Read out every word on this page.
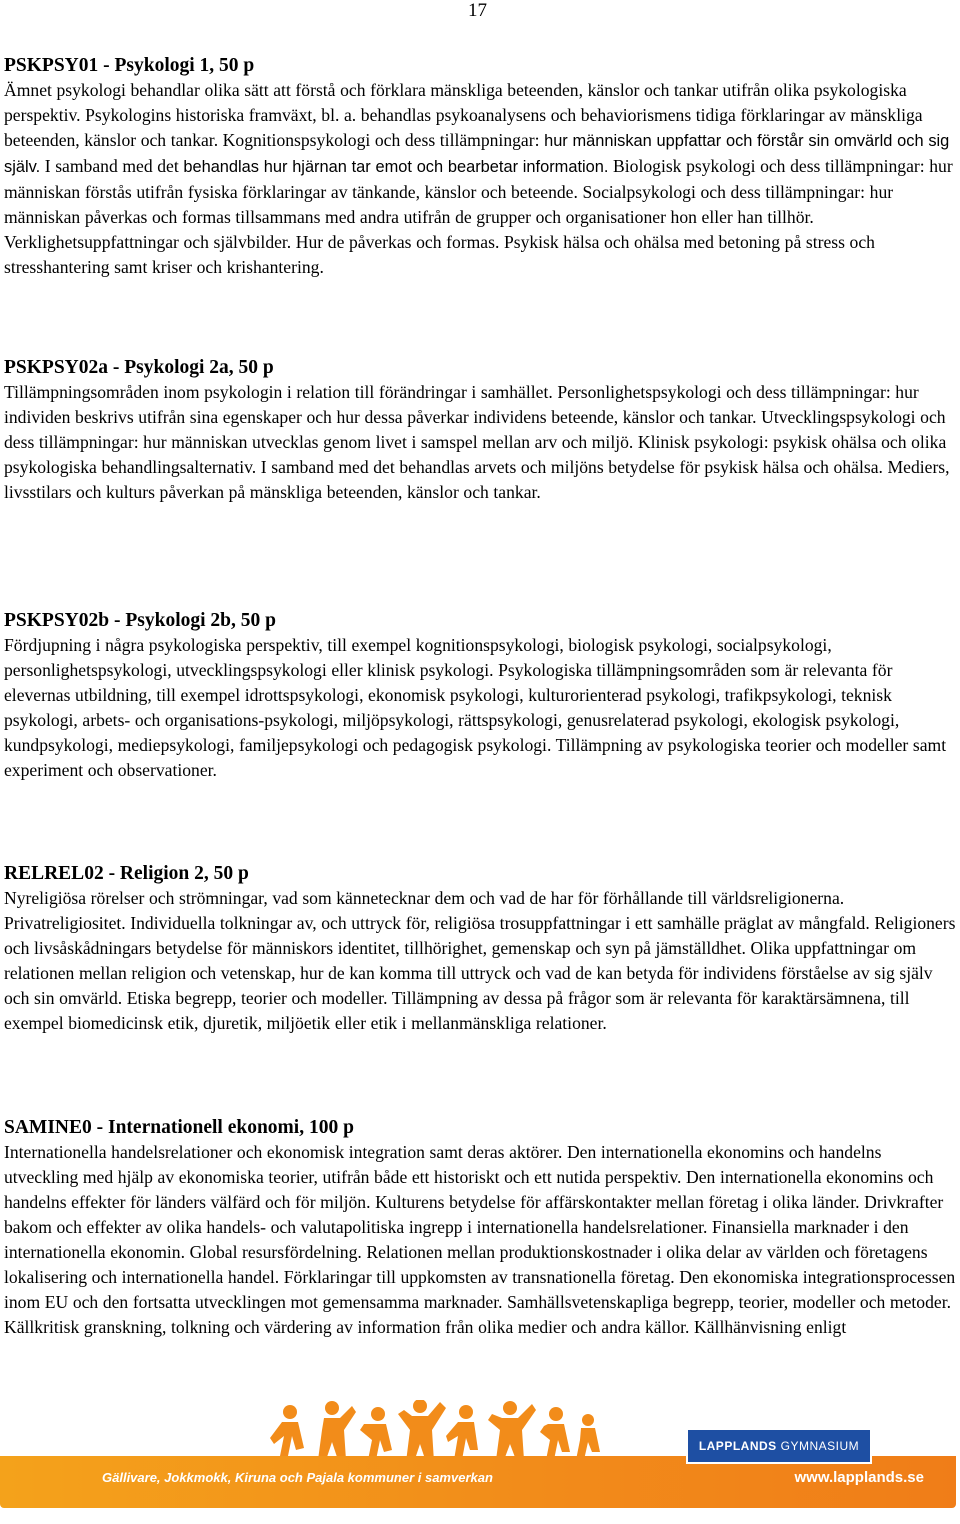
17
PSKPSY01 - Psykologi 1, 50 p

Ämnet psykologi behandlar olika sätt att förstå och förklara mänskliga beteenden, känslor och tankar utifrån olika psykologiska perspektiv. Psykologins historiska framväxt, bl. a. behandlas psykoanalysens och behaviorismens tidiga förklaringar av mänskliga beteenden, känslor och tankar. Kognitionspsykologi och dess tillämpningar: hur människan uppfattar och förstår sin omvärld och sig själv. I samband med det behandlas hur hjärnan tar emot och bearbetar information. Biologisk psykologi och dess tillämpningar: hur människan förstås utifrån fysiska förklaringar av tänkande, känslor och beteende. Socialpsykologi och dess tillämpningar: hur människan påverkas och formas tillsammans med andra utifrån de grupper och organisationer hon eller han tillhör. Verklighetsuppfattningar och självbilder. Hur de påverkas och formas. Psykisk hälsa och ohälsa med betoning på stress och stresshantering samt kriser och krishantering.

PSKPSY02a - Psykologi 2a, 50 p

Tillämpningsområden inom psykologin i relation till förändringar i samhället. Personlighetspsykologi och dess tillämpningar: hur individen beskrivs utifrån sina egenskaper och hur dessa påverkar individens beteende, känslor och tankar. Utvecklingspsykologi och dess tillämpningar: hur människan utvecklas genom livet i samspel mellan arv och miljö. Klinisk psykologi: psykisk ohälsa och olika psykologiska behandlingsalternativ. I samband med det behandlas arvets och miljöns betydelse för psykisk hälsa och ohälsa. Mediers, livsstilars och kulturs påverkan på mänskliga beteenden, känslor och tankar.

PSKPSY02b - Psykologi 2b, 50 p

Fördjupning i några psykologiska perspektiv, till exempel kognitionspsykologi, biologisk psykologi, socialpsykologi, personlighetspsykologi, utvecklingspsykologi eller klinisk psykologi. Psykologiska tillämpningsområden som är relevanta för elevernas utbildning, till exempel idrottspsykologi, ekonomisk psykologi, kulturorienterad psykologi, trafikpsykologi, teknisk psykologi, arbets- och organisations-psykologi, miljöpsykologi, rättspsykologi, genusrelaterad psykologi, ekologisk psykologi, kundpsykologi, mediepsykologi, familjepsykologi och pedagogisk psykologi. Tillämpning av psykologiska teorier och modeller samt experiment och observationer.

RELREL02 - Religion 2, 50 p

Nyreligiösa rörelser och strömningar, vad som kännetecknar dem och vad de har för förhållande till världsreligionerna. Privatreligiositet. Individuella tolkningar av, och uttryck för, religiösa trosuppfattningar i ett samhälle präglat av mångfald. Religioners och livsåskådningars betydelse för människors identitet, tillhörighet, gemenskap och syn på jämställdhet. Olika uppfattningar om relationen mellan religion och vetenskap, hur de kan komma till uttryck och vad de kan betyda för individens förståelse av sig själv och sin omvärld. Etiska begrepp, teorier och modeller. Tillämpning av dessa på frågor som är relevanta för karaktärsämnena, till exempel biomedicinsk etik, djuretik, miljöetik eller etik i mellanmänskliga relationer.

SAMINE0 - Internationell ekonomi, 100 p

Internationella handelsrelationer och ekonomisk integration samt deras aktörer. Den internationella ekonomins och handelns utveckling med hjälp av ekonomiska teorier, utifrån både ett historiskt och ett nutida perspektiv. Den internationella ekonomins och handelns effekter för länders välfärd och för miljön. Kulturens betydelse för affärskontakter mellan företag i olika länder. Drivkrafter bakom och effekter av olika handels- och valutapolitiska ingrepp i internationella handelsrelationer. Finansiella marknader i den internationella ekonomin. Global resursfördelning. Relationen mellan produktionskostnader i olika delar av världen och företagens lokalisering och internationella handel. Förklaringar till uppkomsten av transnationella företag. Den ekonomiska integrationsprocessen inom EU och den fortsatta utvecklingen mot gemensamma marknader. Samhällsvetenskapliga begrepp, teorier, modeller och metoder. Källkritisk granskning, tolkning och värdering av information från olika medier och andra källor. Källhänvisning enligt

Gällivare, Jokkmokk, Kiruna och Pajala kommuner i samverkan	www.lapplands.se
LAPPLANDS GYMNASIUM
